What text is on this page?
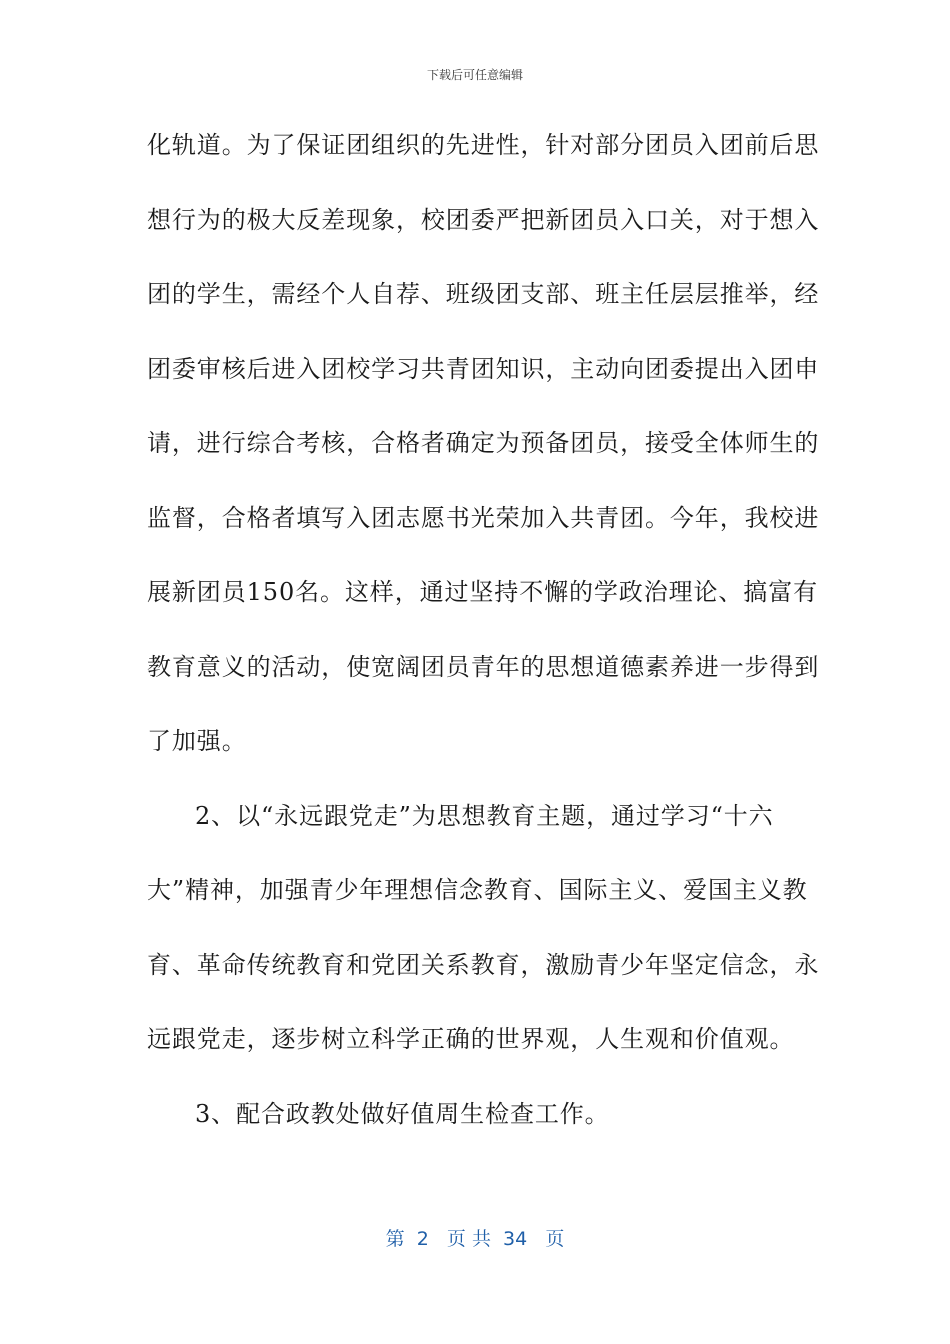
下载后可任意编辑
化轨道。为了保证团组织的先进性，针对部分团员入团前后思
想行为的极大反差现象，校团委严把新团员入口关，对于想入
团的学生，需经个人自荐、班级团支部、班主任层层推举，经
团委审核后进入团校学习共青团知识，主动向团委提出入团申
请，进行综合考核，合格者确定为预备团员，接受全体师生的
监督，合格者填写入团志愿书光荣加入共青团。今年，我校进
展新团员150名。这样，通过坚持不懈的学政治理论、搞富有
教育意义的活动，使宽阔团员青年的思想道德素养进一步得到
了加强。
2、以“永远跟党走”为思想教育主题，通过学习“十六
大”精神，加强青少年理想信念教育、国际主义、爱国主义教
育、革命传统教育和党团关系教育，激励青少年坚定信念，永
远跟党走，逐步树立科学正确的世界观，人生观和价值观。
3、配合政教处做好值周生检查工作。
第  2   页 共  34   页
